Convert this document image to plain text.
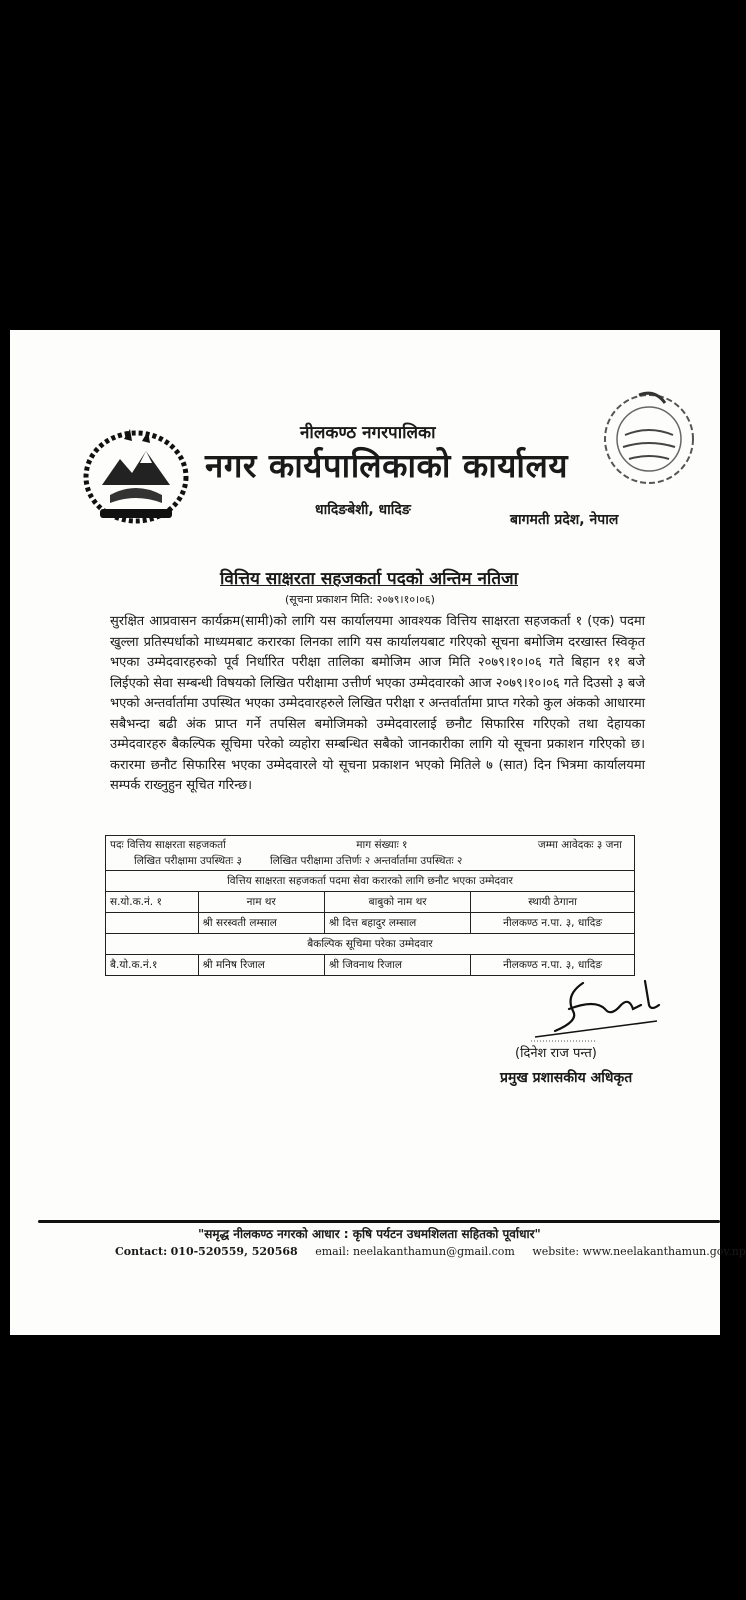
नीलकण्ठ नगरपालिका
नगर कार्यपालिकाको कार्यालय
धादिङबेशी, धादिङ
बागमती प्रदेश, नेपाल
वित्तिय साक्षरता सहजकर्ता पदको अन्तिम नतिजा
(सूचना प्रकाशन मिति: २०७९।१०।०६)
सुरक्षित आप्रवासन कार्यक्रम(सामी)को लागि यस कार्यालयमा आवश्यक वित्तिय साक्षरता सहजकर्ता १ (एक) पदमा खुल्ला प्रतिस्पर्धाको माध्यमबाट करारका लिनका लागि यस कार्यालयबाट गरिएको सूचना बमोजिम दरखास्त स्विकृत भएका उम्मेदवारहरुको पूर्व निर्धारित परीक्षा तालिका बमोजिम आज मिति २०७९।१०।०६ गते बिहान ११ बजे लिईएको सेवा सम्बन्धी विषयको लिखित परीक्षामा उत्तीर्ण भएका उम्मेदवारको आज २०७९।१०।०६ गते दिउसो ३ बजे भएको अन्तर्वार्तामा उपस्थित भएका उम्मेदवारहरुले लिखित परीक्षा र अन्तर्वार्तामा प्राप्त गरेको कुल अंकको आधारमा सबैभन्दा बढी अंक प्राप्त गर्ने तपसिल बमोजिमको उम्मेदवारलाई छनौट सिफारिस गरिएको तथा देहायका उम्मेदवारहरु बैकल्पिक सूचिमा परेको व्यहोरा सम्बन्धित सबैको जानकारीका लागि यो सूचना प्रकाशन गरिएको छ। करारमा छनौट सिफारिस भएका उम्मेदवारले यो सूचना प्रकाशन भएको मितिले ७ (सात) दिन भित्रमा कार्यालयमा सम्पर्क राख्नुहुन सूचित गरिन्छ।
पदः वित्तिय साक्षरता सहजकर्ता माग संख्याः १ जम्मा आवेदकः ३ जना
लिखित परीक्षामा उपस्थितः ३ लिखित परीक्षामा उत्तिर्णः २ अन्तर्वार्तामा उपस्थितः २			

वित्तिय साक्षरता सहजकर्ता पदमा सेवा करारको लागि छनौट भएका उम्मेदवार			
स.यो.क.नं. १	नाम थर	बाबुको नाम थर	स्थायी ठेगाना
	श्री सरस्वती लम्साल	श्री दित्त बहादुर लम्साल	नीलकण्ठ न.पा. ३, धादिङ
बैकल्पिक सूचिमा परेका उम्मेदवार			
बै.यो.क.नं.१	श्री मनिष रिजाल	श्री जिवनाथ रिजाल	नीलकण्ठ न.पा. ३, धादिङ
(दिनेश राज पन्त)
प्रमुख प्रशासकीय अधिकृत
"समृद्ध नीलकण्ठ नगरको आधार : कृषि पर्यटन उधमशिलता सहितको पूर्वाधार"
Contact: 010-520559, 520568 email: neelakanthamun@gmail.com website: www.neelakanthamun.gov.np
